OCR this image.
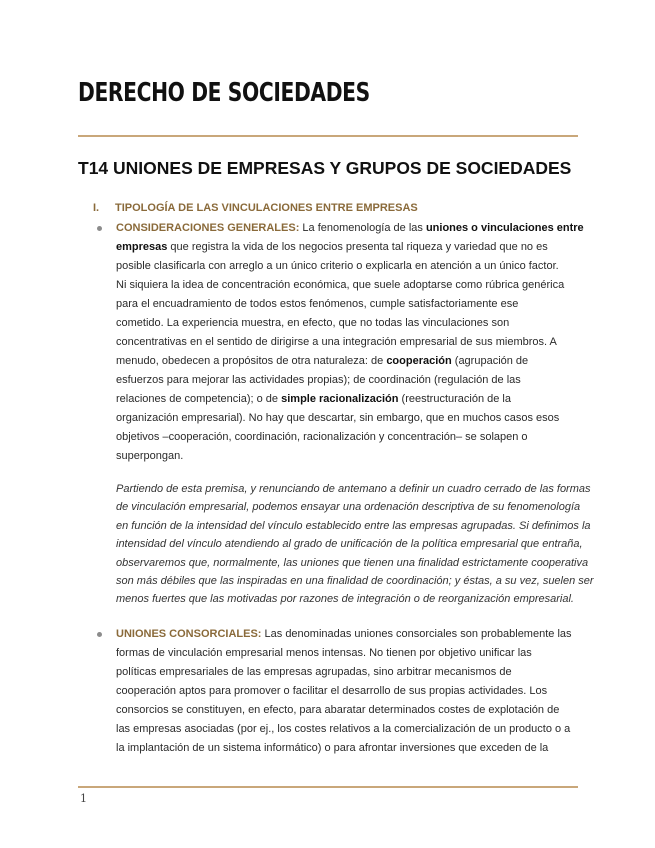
DERECHO DE SOCIEDADES
T14 UNIONES DE EMPRESAS Y GRUPOS DE SOCIEDADES
I. TIPOLOGÍA DE LAS VINCULACIONES ENTRE EMPRESAS
CONSIDERACIONES GENERALES: La fenomenología de las uniones o vinculaciones entre
empresas que registra la vida de los negocios presenta tal riqueza y variedad que no es
posible clasificarla con arreglo a un único criterio o explicarla en atención a un único factor.
Ni siquiera la idea de concentración económica, que suele adoptarse como rúbrica genérica
para el encuadramiento de todos estos fenómenos, cumple satisfactoriamente ese
cometido. La experiencia muestra, en efecto, que no todas las vinculaciones son
concentrativas en el sentido de dirigirse a una integración empresarial de sus miembros. A
menudo, obedecen a propósitos de otra naturaleza: de cooperación (agrupación de
esfuerzos para mejorar las actividades propias); de coordinación (regulación de las
relaciones de competencia); o de simple racionalización (reestructuración de la
organización empresarial). No hay que descartar, sin embargo, que en muchos casos esos
objetivos –cooperación, coordinación, racionalización y concentración– se solapen o
superpongan.
Partiendo de esta premisa, y renunciando de antemano a definir un cuadro cerrado de las formas
de vinculación empresarial, podemos ensayar una ordenación descriptiva de su fenomenología
en función de la intensidad del vínculo establecido entre las empresas agrupadas. Si definimos la
intensidad del vínculo atendiendo al grado de unificación de la política empresarial que entraña,
observaremos que, normalmente, las uniones que tienen una finalidad estrictamente cooperativa
son más débiles que las inspiradas en una finalidad de coordinación; y éstas, a su vez, suelen ser
menos fuertes que las motivadas por razones de integración o de reorganización empresarial.
UNIONES CONSORCIALES: Las denominadas uniones consorciales son probablemente las
formas de vinculación empresarial menos intensas. No tienen por objetivo unificar las
políticas empresariales de las empresas agrupadas, sino arbitrar mecanismos de
cooperación aptos para promover o facilitar el desarrollo de sus propias actividades. Los
consorcios se constituyen, en efecto, para abaratar determinados costes de explotación de
las empresas asociadas (por ej., los costes relativos a la comercialización de un producto o a
la implantación de un sistema informático) o para afrontar inversiones que exceden de la
1
